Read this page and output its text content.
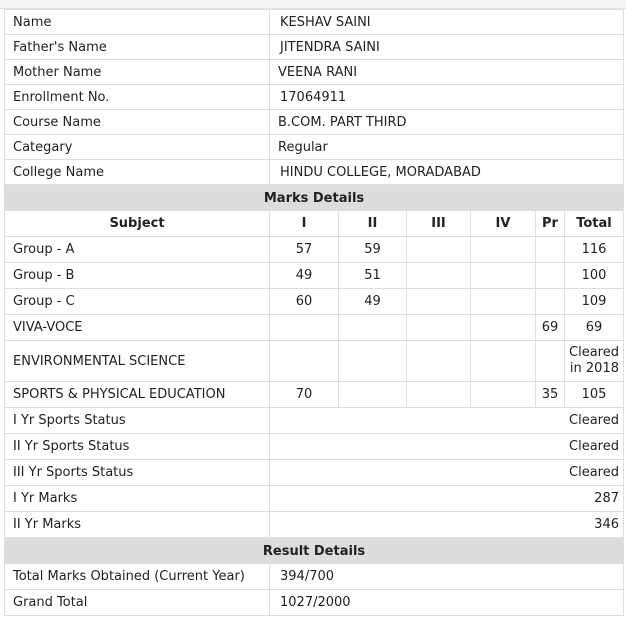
Name	KESHAV SAINI
Father's Name	JITENDRA SAINI
Mother Name	VEENA RANI
Enrollment No.	17064911
Course Name	B.COM. PART THIRD
Categary	Regular
College Name	HINDU COLLEGE, MORADABAD
Marks Details						
Subject	I	II	III	IV	Pr	Total
Group - A	57	59				116
Group - B	49	51				100
Group - C	60	49				109
VIVA-VOCE					69	69
ENVIRONMENTAL SCIENCE						Cleared in 2018
SPORTS & PHYSICAL EDUCATION	70				35	105
I Yr Sports Status	Cleared					
II Yr Sports Status	Cleared					
III Yr Sports Status	Cleared					
I Yr Marks	287					
II Yr Marks	346					
Result Details	
Total Marks Obtained (Current Year)	394/700
Grand Total	1027/2000
